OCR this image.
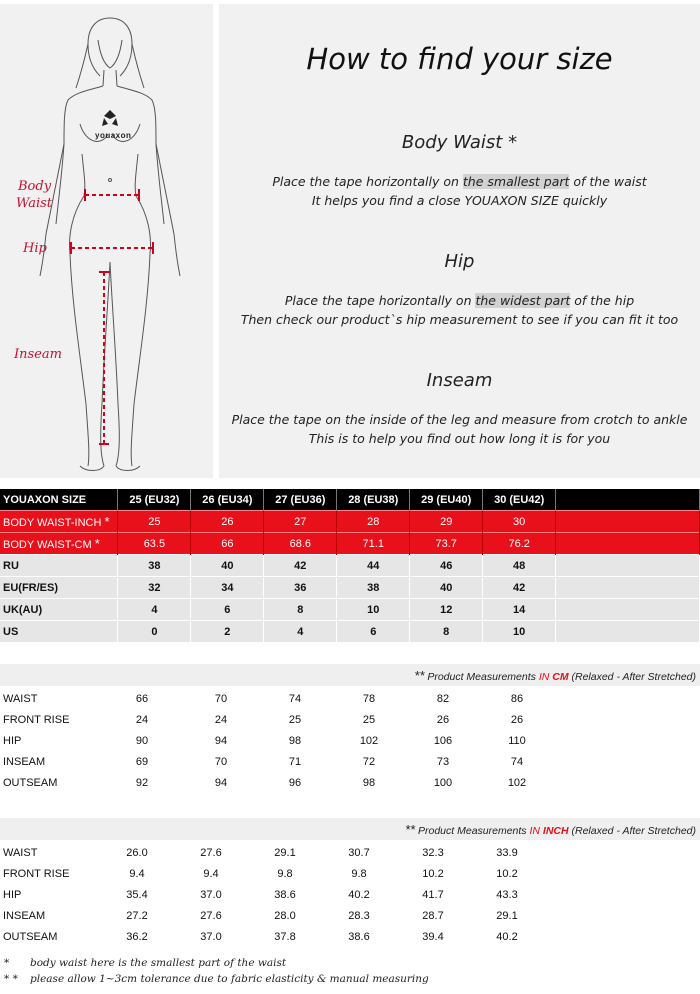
youaxon
Body
Waist
Hip
Inseam
How to find your size
Body Waist *
Place the tape horizontally on the smallest part of the waist
It helps you find a close YOUAXON SIZE quickly
Hip
Place the tape horizontally on the widest part of the hip
Then check our product`s hip measurement to see if you can fit it too
Inseam
Place the tape on the inside of the leg and measure from crotch to ankle
This is to help you find out how long it is for you
YOUAXON SIZE	25 (EU32)	26 (EU34)	27 (EU36)	28 (EU38)	29 (EU40)	30 (EU42)	
BODY WAIST-INCH *	25	26	27	28	29	30	
BODY WAIST-CM *	63.5	66	68.6	71.1	73.7	76.2	
RU	38	40	42	44	46	48	
EU(FR/ES)	32	34	36	38	40	42	
UK(AU)	4	6	8	10	12	14	
US	0	2	4	6	8	10	
** Product Measurements IN CM (Relaxed - After Stretched)
WAIST	66	70	74	78	82	86	
FRONT RISE	24	24	25	25	26	26	
HIP	90	94	98	102	106	110	
INSEAM	69	70	71	72	73	74	
OUTSEAM	92	94	96	98	100	102	
** Product Measurements IN INCH (Relaxed - After Stretched)
WAIST	26.0	27.6	29.1	30.7	32.3	33.9	
FRONT RISE	9.4	9.4	9.8	9.8	10.2	10.2	
HIP	35.4	37.0	38.6	40.2	41.7	43.3	
INSEAM	27.2	27.6	28.0	28.3	28.7	29.1	
OUTSEAM	36.2	37.0	37.8	38.6	39.4	40.2	
* body waist here is the smallest part of the waist
* * please allow 1~3cm tolerance due to fabric elasticity & manual measuring
